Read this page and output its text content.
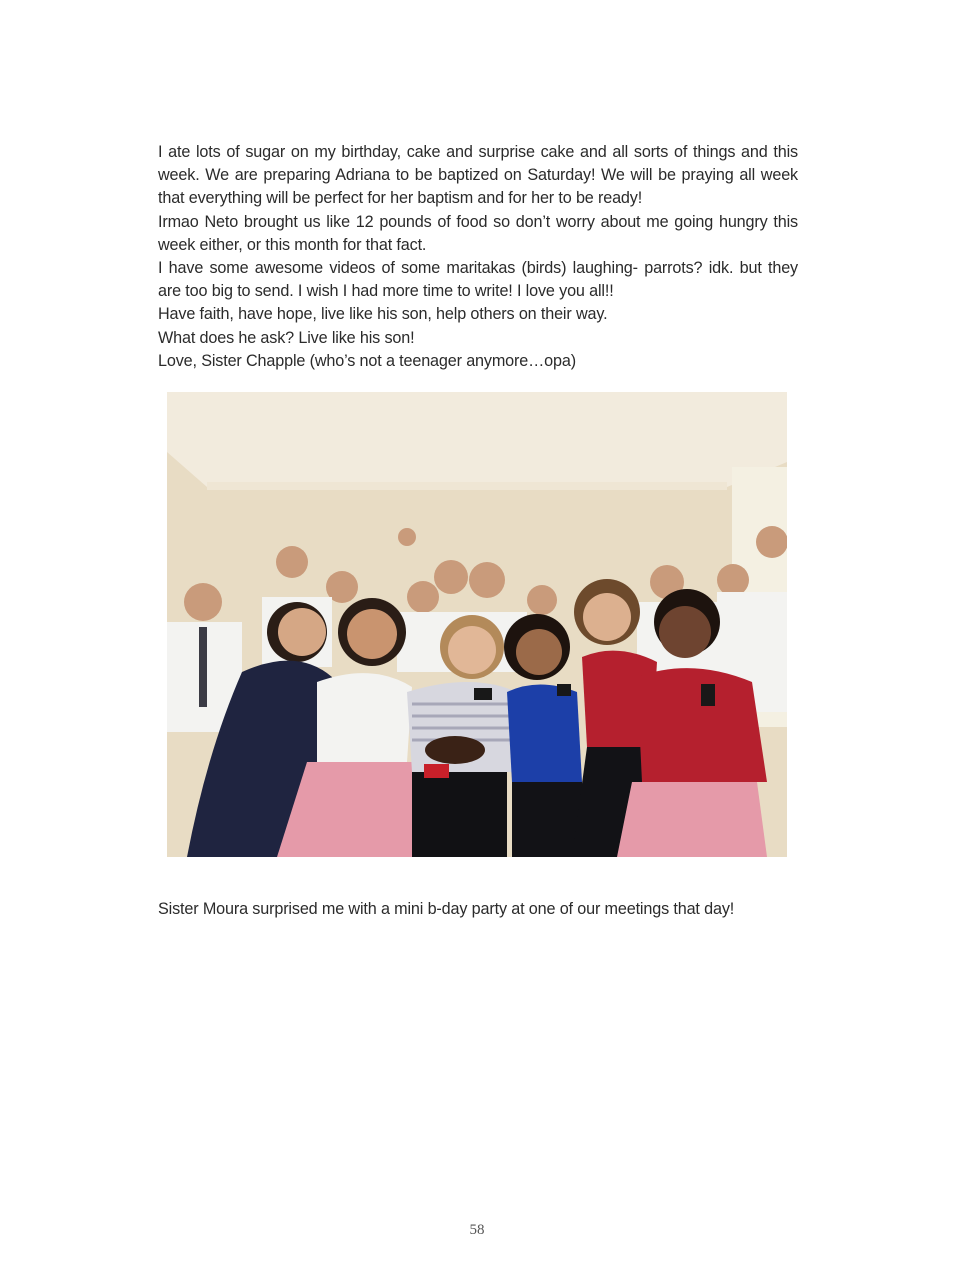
I ate lots of sugar on my birthday, cake and surprise cake and all sorts of things and this week. We are preparing Adriana to be baptized on Saturday! We will be praying all week that everything will be perfect for her baptism and for her to be ready!

Irmao Neto brought us like 12 pounds of food so don’t worry about me going hungry this week either, or this month for that fact.

I have some awesome videos of some maritakas (birds) laughing- parrots? idk. but they are too big to send. I wish I had more time to write! I love you all!!

Have faith, have hope, live like his son, help others on their way.

What does he ask? Live like his son!

Love, Sister Chapple (who’s not a teenager anymore…opa)

Sister Moura surprised me with a mini b-day party at one of our meetings that day!
58
